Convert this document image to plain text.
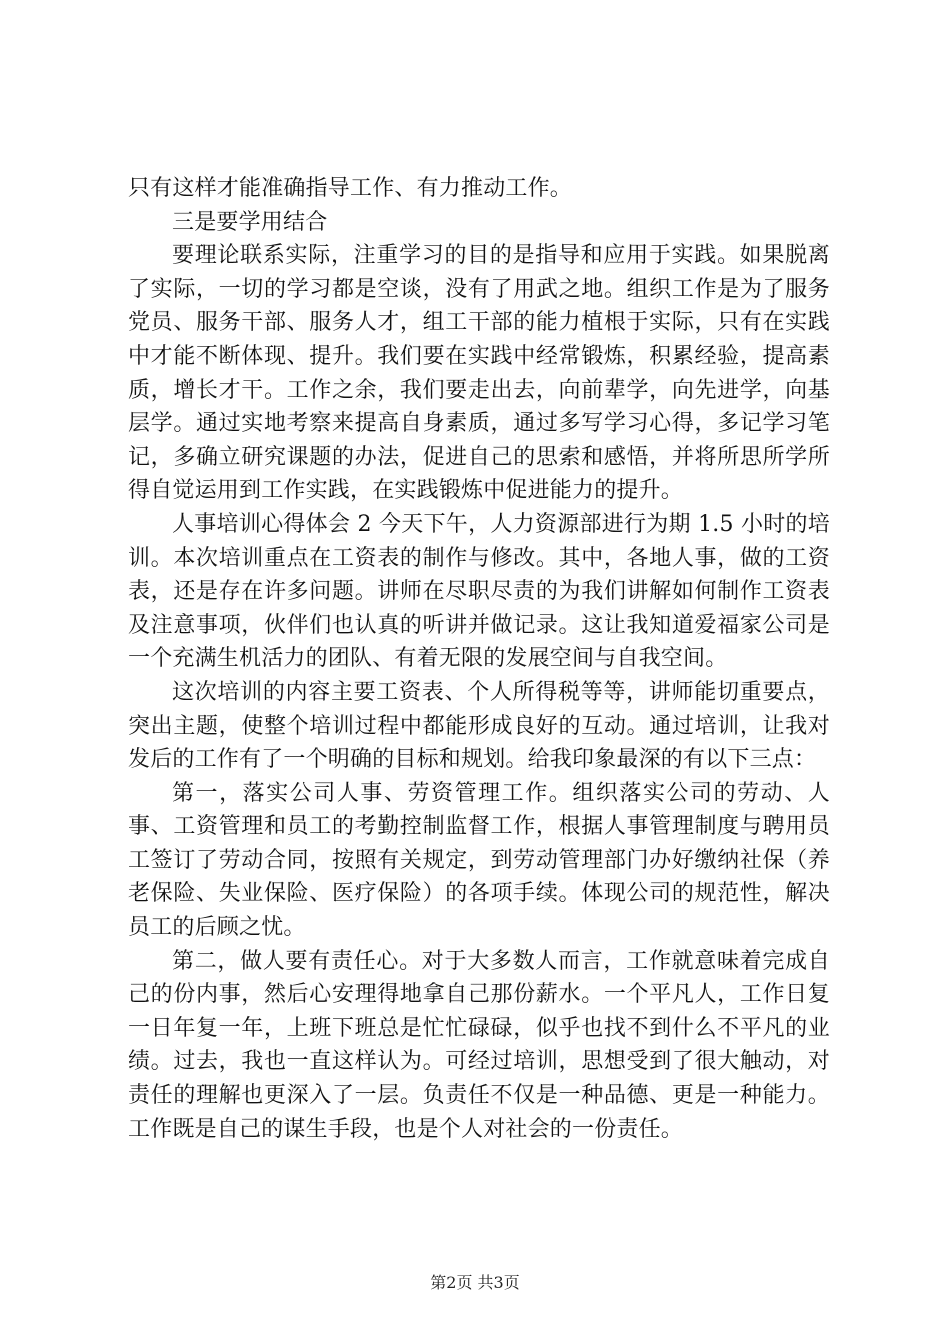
只有这样才能准确指导工作、有力推动工作。

三是要学用结合

要理论联系实际，注重学习的目的是指导和应用于实践。如果脱离了实际，一切的学习都是空谈，没有了用武之地。组织工作是为了服务党员、服务干部、服务人才，组工干部的能力植根于实际，只有在实践中才能不断体现、提升。我们要在实践中经常锻炼，积累经验，提高素质，增长才干。工作之余，我们要走出去，向前辈学，向先进学，向基层学。通过实地考察来提高自身素质，通过多写学习心得，多记学习笔记，多确立研究课题的办法，促进自己的思索和感悟，并将所思所学所得自觉运用到工作实践，在实践锻炼中促进能力的提升。

人事培训心得体会 2 今天下午，人力资源部进行为期 1.5 小时的培训。本次培训重点在工资表的制作与修改。其中，各地人事，做的工资表，还是存在许多问题。讲师在尽职尽责的为我们讲解如何制作工资表及注意事项，伙伴们也认真的听讲并做记录。这让我知道爱福家公司是一个充满生机活力的团队、有着无限的发展空间与自我空间。

这次培训的内容主要工资表、个人所得税等等，讲师能切重要点，突出主题，使整个培训过程中都能形成良好的互动。通过培训，让我对发后的工作有了一个明确的目标和规划。给我印象最深的有以下三点：

第一，落实公司人事、劳资管理工作。组织落实公司的劳动、人事、工资管理和员工的考勤控制监督工作，根据人事管理制度与聘用员工签订了劳动合同，按照有关规定，到劳动管理部门办好缴纳社保（养老保险、失业保险、医疗保险）的各项手续。体现公司的规范性，解决员工的后顾之忧。

第二，做人要有责任心。对于大多数人而言，工作就意味着完成自己的份内事，然后心安理得地拿自己那份薪水。一个平凡人，工作日复一日年复一年，上班下班总是忙忙碌碌，似乎也找不到什么不平凡的业绩。过去，我也一直这样认为。可经过培训，思想受到了很大触动，对责任的理解也更深入了一层。负责任不仅是一种品德、更是一种能力。工作既是自己的谋生手段，也是个人对社会的一份责任。

第2页 共3页
